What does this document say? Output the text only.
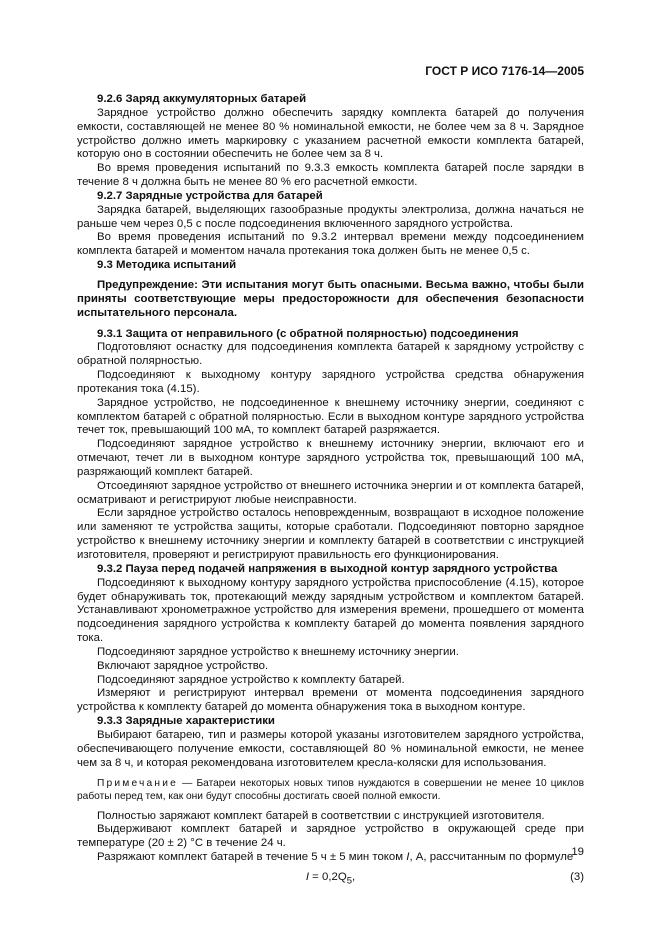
ГОСТ Р ИСО 7176-14—2005

9.2.6 Заряд аккумуляторных батарей

Зарядное устройство должно обеспечить зарядку комплекта батарей до получения емкости, составляющей не менее 80 % номинальной емкости, не более чем за 8 ч. Зарядное устройство должно иметь маркировку с указанием расчетной емкости комплекта батарей, которую оно в состоянии обеспечить не более чем за 8 ч.

Во время проведения испытаний по 9.3.3 емкость комплекта батарей после зарядки в течение 8 ч должна быть не менее 80 % его расчетной емкости.

9.2.7 Зарядные устройства для батарей

Зарядка батарей, выделяющих газообразные продукты электролиза, должна начаться не раньше чем через 0,5 с после подсоединения включенного зарядного устройства.

Во время проведения испытаний по 9.3.2 интервал времени между подсоединением комплекта батарей и моментом начала протекания тока должен быть не менее 0,5 с.

9.3 Методика испытаний

Предупреждение: Эти испытания могут быть опасными. Весьма важно, чтобы были приняты соответствующие меры предосторожности для обеспечения безопасности испытательного персонала.

9.3.1 Защита от неправильного (с обратной полярностью) подсоединения

Подготовляют оснастку для подсоединения комплекта батарей к зарядному устройству с обратной полярностью.

Подсоединяют к выходному контуру зарядного устройства средства обнаружения протекания тока (4.15).

Зарядное устройство, не подсоединенное к внешнему источнику энергии, соединяют с комплектом батарей с обратной полярностью. Если в выходном контуре зарядного устройства течет ток, превышающий 100 мА, то комплект батарей разряжается.

Подсоединяют зарядное устройство к внешнему источнику энергии, включают его и отмечают, течет ли в выходном контуре зарядного устройства ток, превышающий 100 мА, разряжающий комплект батарей.

Отсоединяют зарядное устройство от внешнего источника энергии и от комплекта батарей, осматривают и регистрируют любые неисправности.

Если зарядное устройство осталось неповрежденным, возвращают в исходное положение или заменяют те устройства защиты, которые сработали. Подсоединяют повторно зарядное устройство к внешнему источнику энергии и комплекту батарей в соответствии с инструкцией изготовителя, проверяют и регистрируют правильность его функционирования.

9.3.2 Пауза перед подачей напряжения в выходной контур зарядного устройства

Подсоединяют к выходному контуру зарядного устройства приспособление (4.15), которое будет обнаруживать ток, протекающий между зарядным устройством и комплектом батарей. Устанавливают хронометражное устройство для измерения времени, прошедшего от момента подсоединения зарядного устройства к комплекту батарей до момента появления зарядного тока.

Подсоединяют зарядное устройство к внешнему источнику энергии.

Включают зарядное устройство.

Подсоединяют зарядное устройство к комплекту батарей.

Измеряют и регистрируют интервал времени от момента подсоединения зарядного устройства к комплекту батарей до момента обнаружения тока в выходном контуре.

9.3.3 Зарядные характеристики

Выбирают батарею, тип и размеры которой указаны изготовителем зарядного устройства, обеспечивающего получение емкости, составляющей 80 % номинальной емкости, не менее чем за 8 ч, и которая рекомендована изготовителем кресла-коляски для использования.

Примечание — Батареи некоторых новых типов нуждаются в совершении не менее 10 циклов работы перед тем, как они будут способны достигать своей полной емкости.

Полностью заряжают комплект батарей в соответствии с инструкцией изготовителя.

Выдерживают комплект батарей и зарядное устройство в окружающей среде при температуре (20 ± 2) °C в течение 24 ч.

Разряжают комплект батарей в течение 5 ч ± 5 мин током I, А, рассчитанным по формуле

$I = 0,2Q_5$,	(3)
19
